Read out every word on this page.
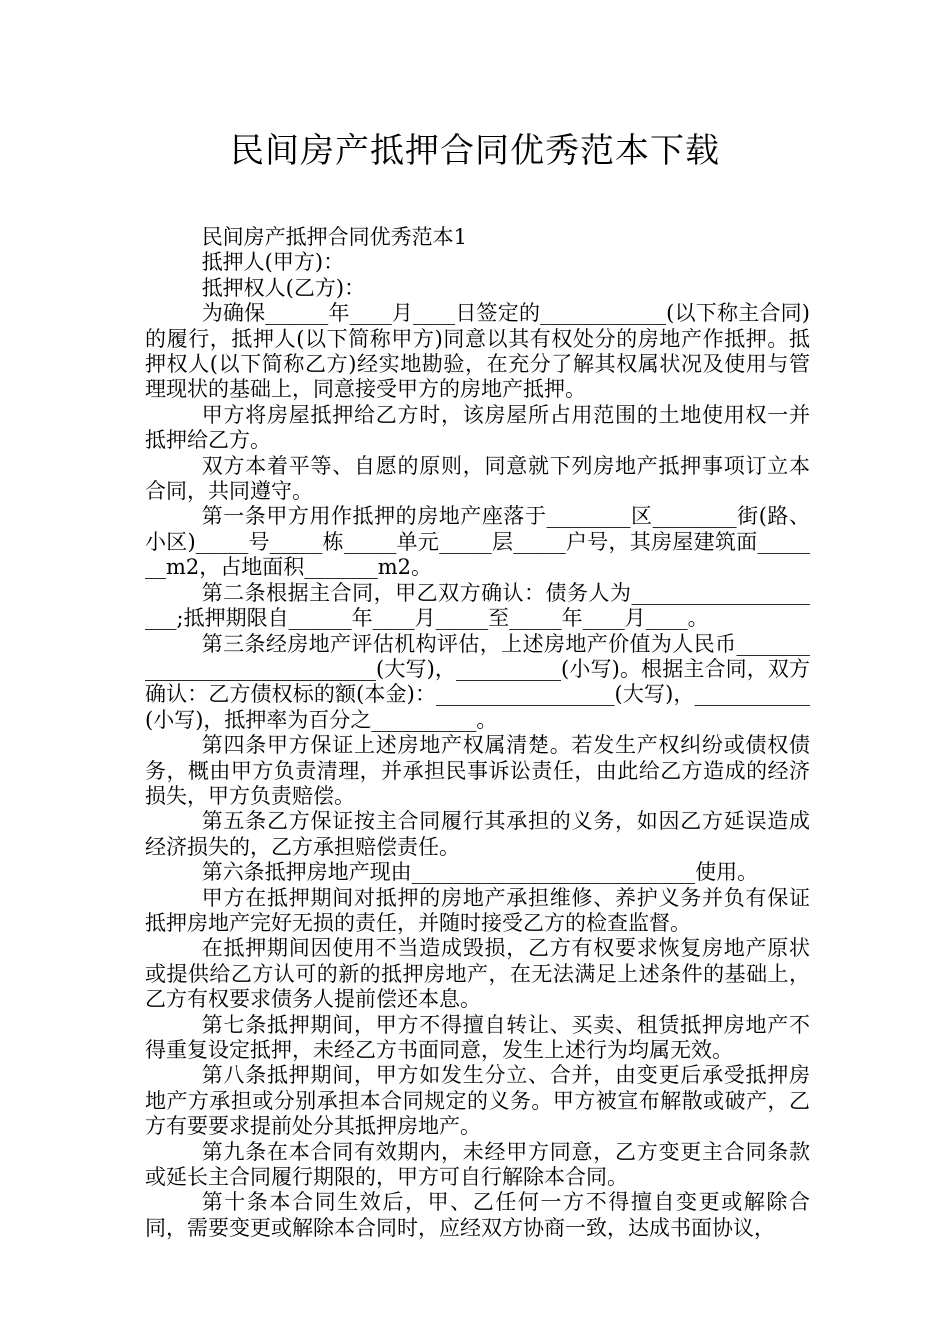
民间房产抵押合同优秀范本下载

民间房产抵押合同优秀范本1

抵押人(甲方)：

抵押权人(乙方)：

为确保______年____月____日签定的____________(以下称主合同)的履行，抵押人(以下简称甲方)同意以其有权处分的房地产作抵押。抵押权人(以下简称乙方)经实地勘验，在充分了解其权属状况及使用与管理现状的基础上，同意接受甲方的房地产抵押。

甲方将房屋抵押给乙方时，该房屋所占用范围的土地使用权一并抵押给乙方。

双方本着平等、自愿的原则，同意就下列房地产抵押事项订立本合同，共同遵守。

第一条甲方用作抵押的房地产座落于________区________街(路、小区)_____号_____栋_____单元_____层_____户号，其房屋建筑面_______m2，占地面积_______m2。

第二条根据主合同，甲乙双方确认：债务人为____________________;抵押期限自______年____月_____至_____年____月____。

第三条经房地产评估机构评估，上述房地产价值为人民币_____________________________(大写)，__________(小写)。根据主合同，双方确认：乙方债权标的额(本金)：_________________(大写)，___________(小写)，抵押率为百分之__________。

第四条甲方保证上述房地产权属清楚。若发生产权纠纷或债权债务，概由甲方负责清理，并承担民事诉讼责任，由此给乙方造成的经济损失，甲方负责赔偿。

第五条乙方保证按主合同履行其承担的义务，如因乙方延误造成经济损失的，乙方承担赔偿责任。

第六条抵押房地产现由___________________________使用。

甲方在抵押期间对抵押的房地产承担维修、养护义务并负有保证抵押房地产完好无损的责任，并随时接受乙方的检查监督。

在抵押期间因使用不当造成毁损，乙方有权要求恢复房地产原状或提供给乙方认可的新的抵押房地产，在无法满足上述条件的基础上，乙方有权要求债务人提前偿还本息。

第七条抵押期间，甲方不得擅自转让、买卖、租赁抵押房地产不得重复设定抵押，未经乙方书面同意，发生上述行为均属无效。

第八条抵押期间，甲方如发生分立、合并，由变更后承受抵押房地产方承担或分别承担本合同规定的义务。甲方被宣布解散或破产，乙方有要要求提前处分其抵押房地产。

第九条在本合同有效期内，未经甲方同意，乙方变更主合同条款或延长主合同履行期限的，甲方可自行解除本合同。

第十条本合同生效后，甲、乙任何一方不得擅自变更或解除合同，需要变更或解除本合同时，应经双方协商一致，达成书面协议，
